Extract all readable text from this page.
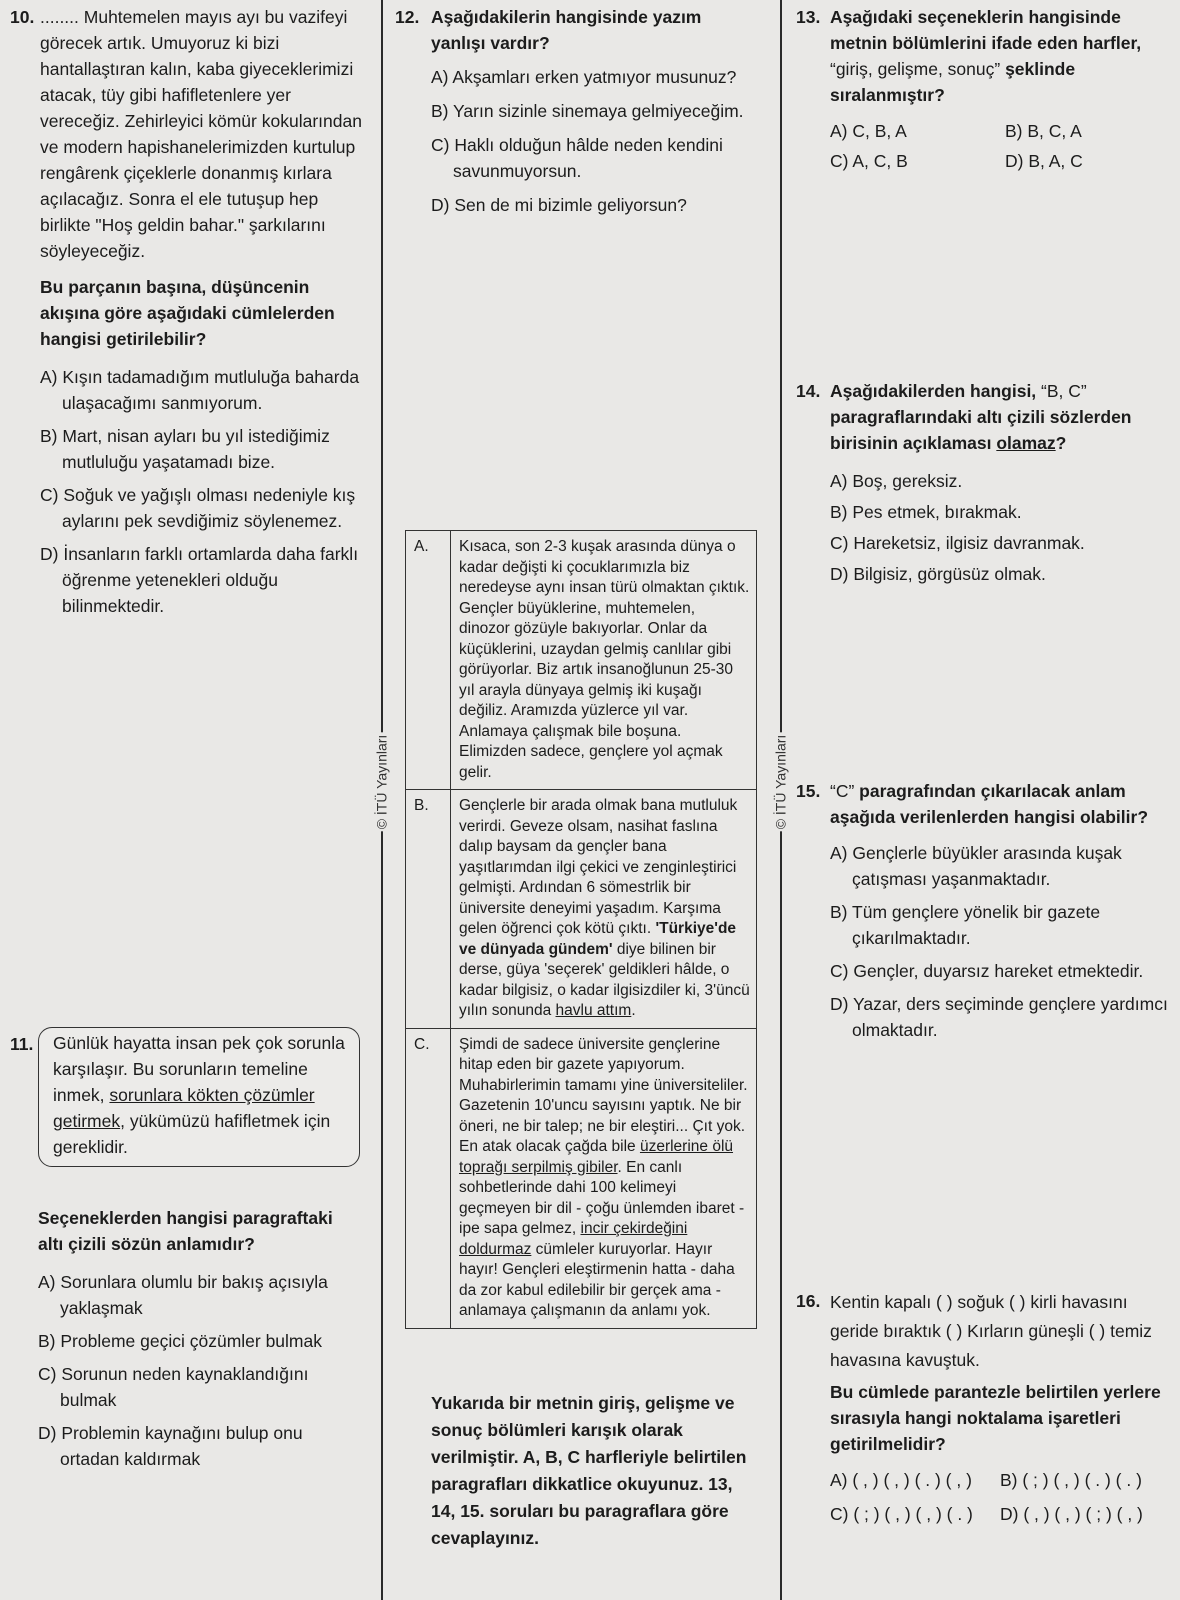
© İTÜ Yayınları	© İTÜ Yayınları
10. ........ Muhtemelen mayıs ayı bu vazifeyi görecek artık. Umuyoruz ki bizi hantallaştıran kalın, kaba giyeceklerimizi atacak, tüy gibi hafifletenlere yer vereceğiz. Zehirleyici kömür kokularından ve modern hapishanelerimizden kurtulup rengârenk çiçeklerle donanmış kırlara açılacağız. Sonra el ele tutuşup hep birlikte "Hoş geldin bahar." şarkılarını söyleyeceğiz.

Bu parçanın başına, düşüncenin akışına göre aşağıdaki cümlelerden hangisi getirilebilir?

A) Kışın tadamadığım mutluluğa baharda ulaşacağımı sanmıyorum.

B) Mart, nisan ayları bu yıl istediğimiz mutluluğu yaşatamadı bize.

C) Soğuk ve yağışlı olması nedeniyle kış aylarını pek sevdiğimiz söylenemez.

D) İnsanların farklı ortamlarda daha farklı öğrenme yetenekleri olduğu bilinmektedir.

11.	Günlük hayatta insan pek çok sorunla karşılaşır. Bu sorunların temeline inmek, sorunlara kökten çözümler getirmek, yükümüzü hafifletmek için gereklidir.

Seçeneklerden hangisi paragraftaki altı çizili sözün anlamıdır?

A) Sorunlara olumlu bir bakış açısıyla yaklaşmak

B) Probleme geçici çözümler bulmak

C) Sorunun neden kaynaklandığını bulmak

D) Problemin kaynağını bulup onu ortadan kaldırmak

12. Aşağıdakilerin hangisinde yazım yanlışı vardır?

A) Akşamları erken yatmıyor musunuz?

B) Yarın sizinle sinemaya gelmiyeceğim.

C) Haklı olduğun hâlde neden kendini savunmuyorsun.

D) Sen de mi bizimle geliyorsun?

A.	Kısaca, son 2-3 kuşak arasında dünya o kadar değişti ki çocuklarımızla biz neredeyse aynı insan türü olmaktan çıktık. Gençler büyüklerine, muhtemelen, dinozor gözüyle bakıyorlar. Onlar da küçüklerini, uzaydan gelmiş canlılar gibi görüyorlar. Biz artık insanoğlunun 25-30 yıl arayla dünyaya gelmiş iki kuşağı değiliz. Aramızda yüzlerce yıl var. Anlamaya çalışmak bile boşuna. Elimizden sadece, gençlere yol açmak gelir.
B.	Gençlerle bir arada olmak bana mutluluk verirdi. Geveze olsam, nasihat faslına dalıp baysam da gençler bana yaşıtlarımdan ilgi çekici ve zenginleştirici gelmişti. Ardından 6 sömestrlik bir üniversite deneyimi yaşadım. Karşıma gelen öğrenci çok kötü çıktı. 'Türkiye'de ve dünyada gündem' diye bilinen bir derse, güya 'seçerek' geldikleri hâlde, o kadar bilgisiz, o kadar ilgisizdiler ki, 3'üncü yılın sonunda havlu attım.
C.	Şimdi de sadece üniversite gençlerine hitap eden bir gazete yapıyorum. Muhabirlerimin tamamı yine üniversiteliler. Gazetenin 10'uncu sayısını yaptık. Ne bir öneri, ne bir talep; ne bir eleştiri... Çıt yok. En atak olacak çağda bile üzerlerine ölü toprağı serpilmiş gibiler. En canlı sohbetlerinde dahi 100 kelimeyi geçmeyen bir dil - çoğu ünlemden ibaret - ipe sapa gelmez, incir çekirdeğini doldurmaz cümleler kuruyorlar. Hayır hayır! Gençleri eleştirmenin hatta - daha da zor kabul edilebilir bir gerçek ama - anlamaya çalışmanın da anlamı yok.

Yukarıda bir metnin giriş, gelişme ve sonuç bölümleri karışık olarak verilmiştir. A, B, C harfleriyle belirtilen paragrafları dikkatlice okuyunuz. 13, 14, 15. soruları bu paragraflara göre cevaplayınız.

13. Aşağıdaki seçeneklerin hangisinde metnin bölümlerini ifade eden harfler, “giriş, gelişme, sonuç” şeklinde sıralanmıştır?

A) C, B, A	B) B, C, A
C) A, C, B	D) B, A, C
14. Aşağıdakilerden hangisi, “B, C” paragraflarındaki altı çizili sözlerden birisinin açıklaması olamaz?

A) Boş, gereksiz.

B) Pes etmek, bırakmak.

C) Hareketsiz, ilgisiz davranmak.

D) Bilgisiz, görgüsüz olmak.

15. “C” paragrafından çıkarılacak anlam aşağıda verilenlerden hangisi olabilir?

A) Gençlerle büyükler arasında kuşak çatışması yaşanmaktadır.

B) Tüm gençlere yönelik bir gazete çıkarılmaktadır.

C) Gençler, duyarsız hareket etmektedir.

D) Yazar, ders seçiminde gençlere yardımcı olmaktadır.

16. Kentin kapalı ( ) soğuk ( ) kirli havasını geride bıraktık ( ) Kırların güneşli ( ) temiz havasına kavuştuk.

Bu cümlede parantezle belirtilen yerlere sırasıyla hangi noktalama işaretleri getirilmelidir?

A) ( , ) ( , ) ( . ) ( , )	B) ( ; ) ( , ) ( . ) ( . )
C) ( ; ) ( , ) ( , ) ( . )	D) ( , ) ( , ) ( ; ) ( , )
